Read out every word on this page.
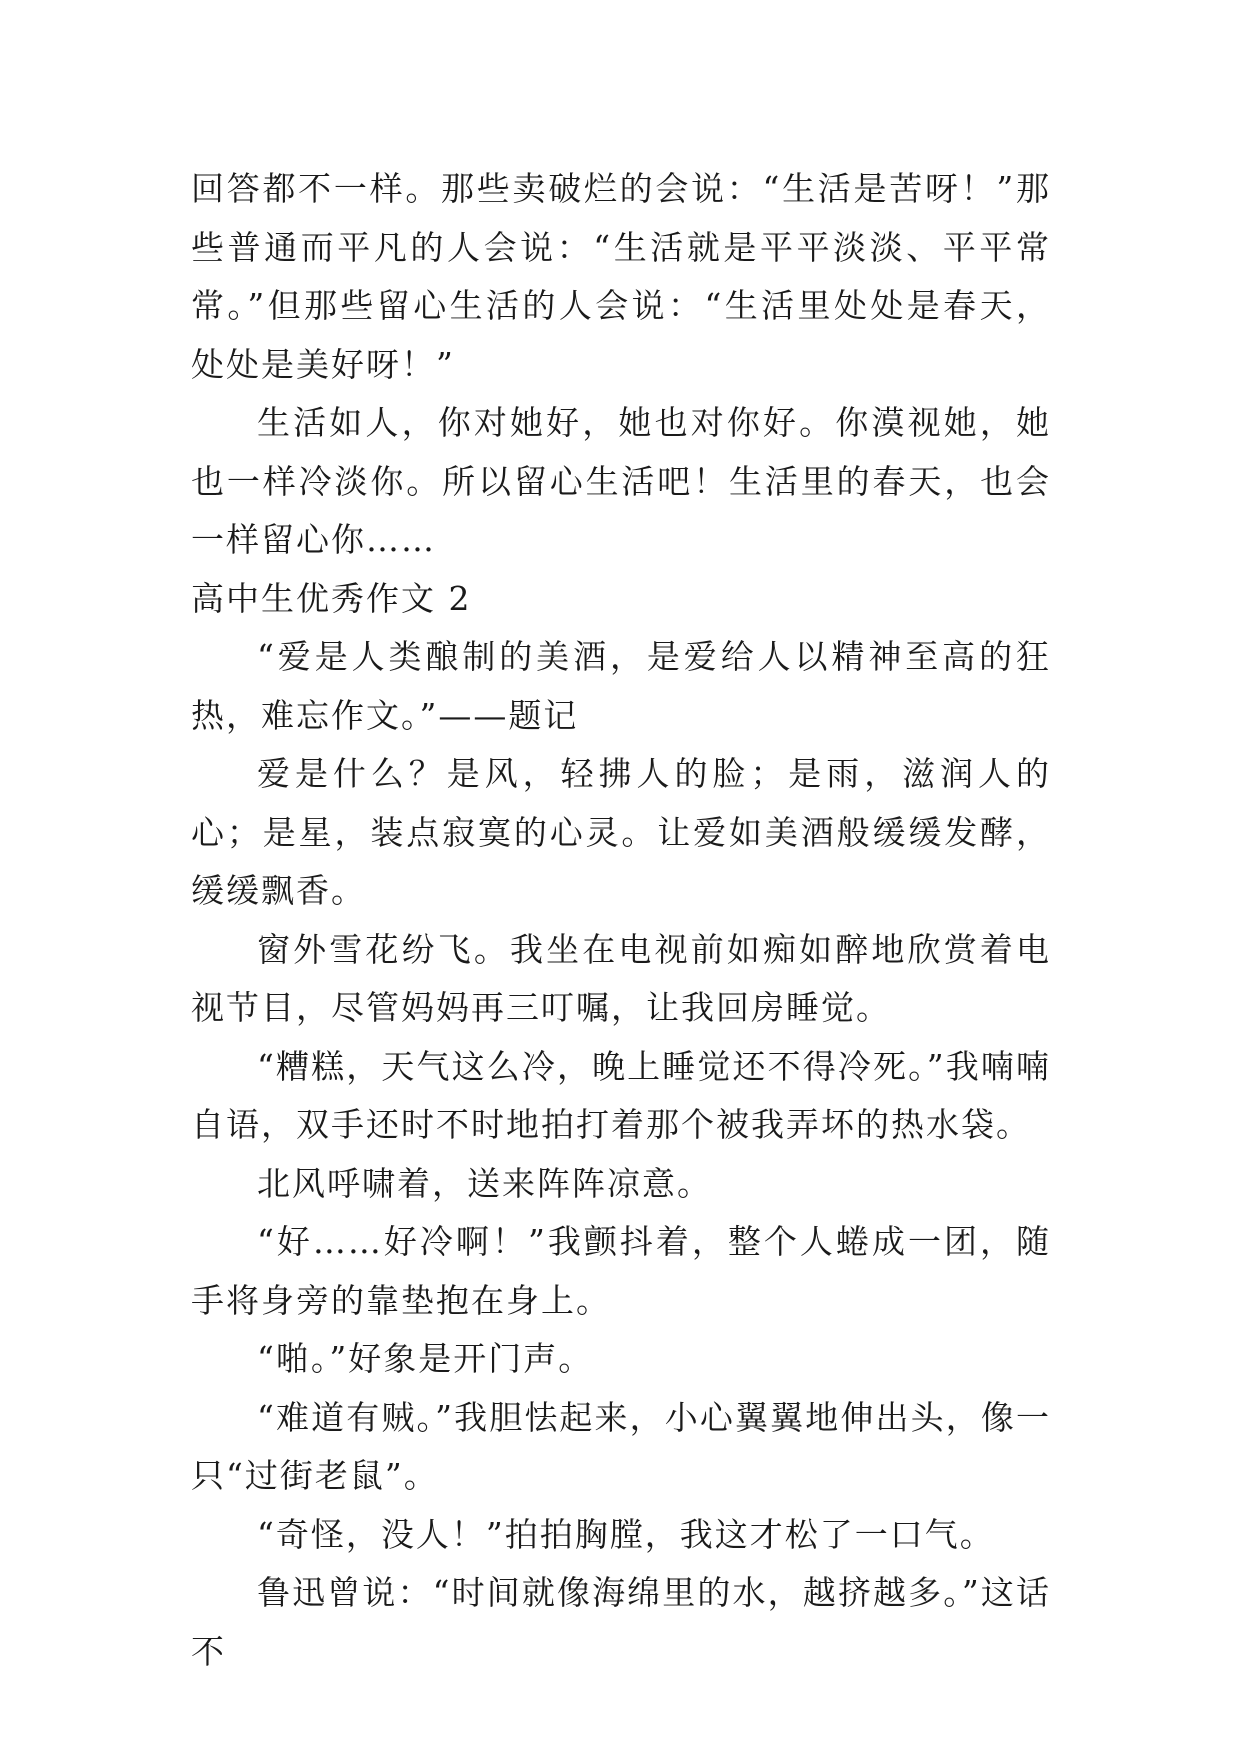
回答都不一样。那些卖破烂的会说：“生活是苦呀！”那些普通而平凡的人会说：“生活就是平平淡淡、平平常常。”但那些留心生活的人会说：“生活里处处是春天，处处是美好呀！”

生活如人，你对她好，她也对你好。你漠视她，她也一样冷淡你。所以留心生活吧！生活里的春天，也会一样留心你……

高中生优秀作文 2

“爱是人类酿制的美酒，是爱给人以精神至高的狂热，难忘作文。”——题记

爱是什么？是风，轻拂人的脸；是雨，滋润人的心；是星，装点寂寞的心灵。让爱如美酒般缓缓发酵，缓缓飘香。

窗外雪花纷飞。我坐在电视前如痴如醉地欣赏着电视节目，尽管妈妈再三叮嘱，让我回房睡觉。

“糟糕，天气这么冷，晚上睡觉还不得冷死。”我喃喃自语，双手还时不时地拍打着那个被我弄坏的热水袋。

北风呼啸着，送来阵阵凉意。

“好……好冷啊！”我颤抖着，整个人蜷成一团，随手将身旁的靠垫抱在身上。

“啪。”好象是开门声。

“难道有贼。”我胆怯起来，小心翼翼地伸出头，像一只“过街老鼠”。

“奇怪，没人！”拍拍胸膛，我这才松了一口气。

鲁迅曾说：“时间就像海绵里的水，越挤越多。”这话不
